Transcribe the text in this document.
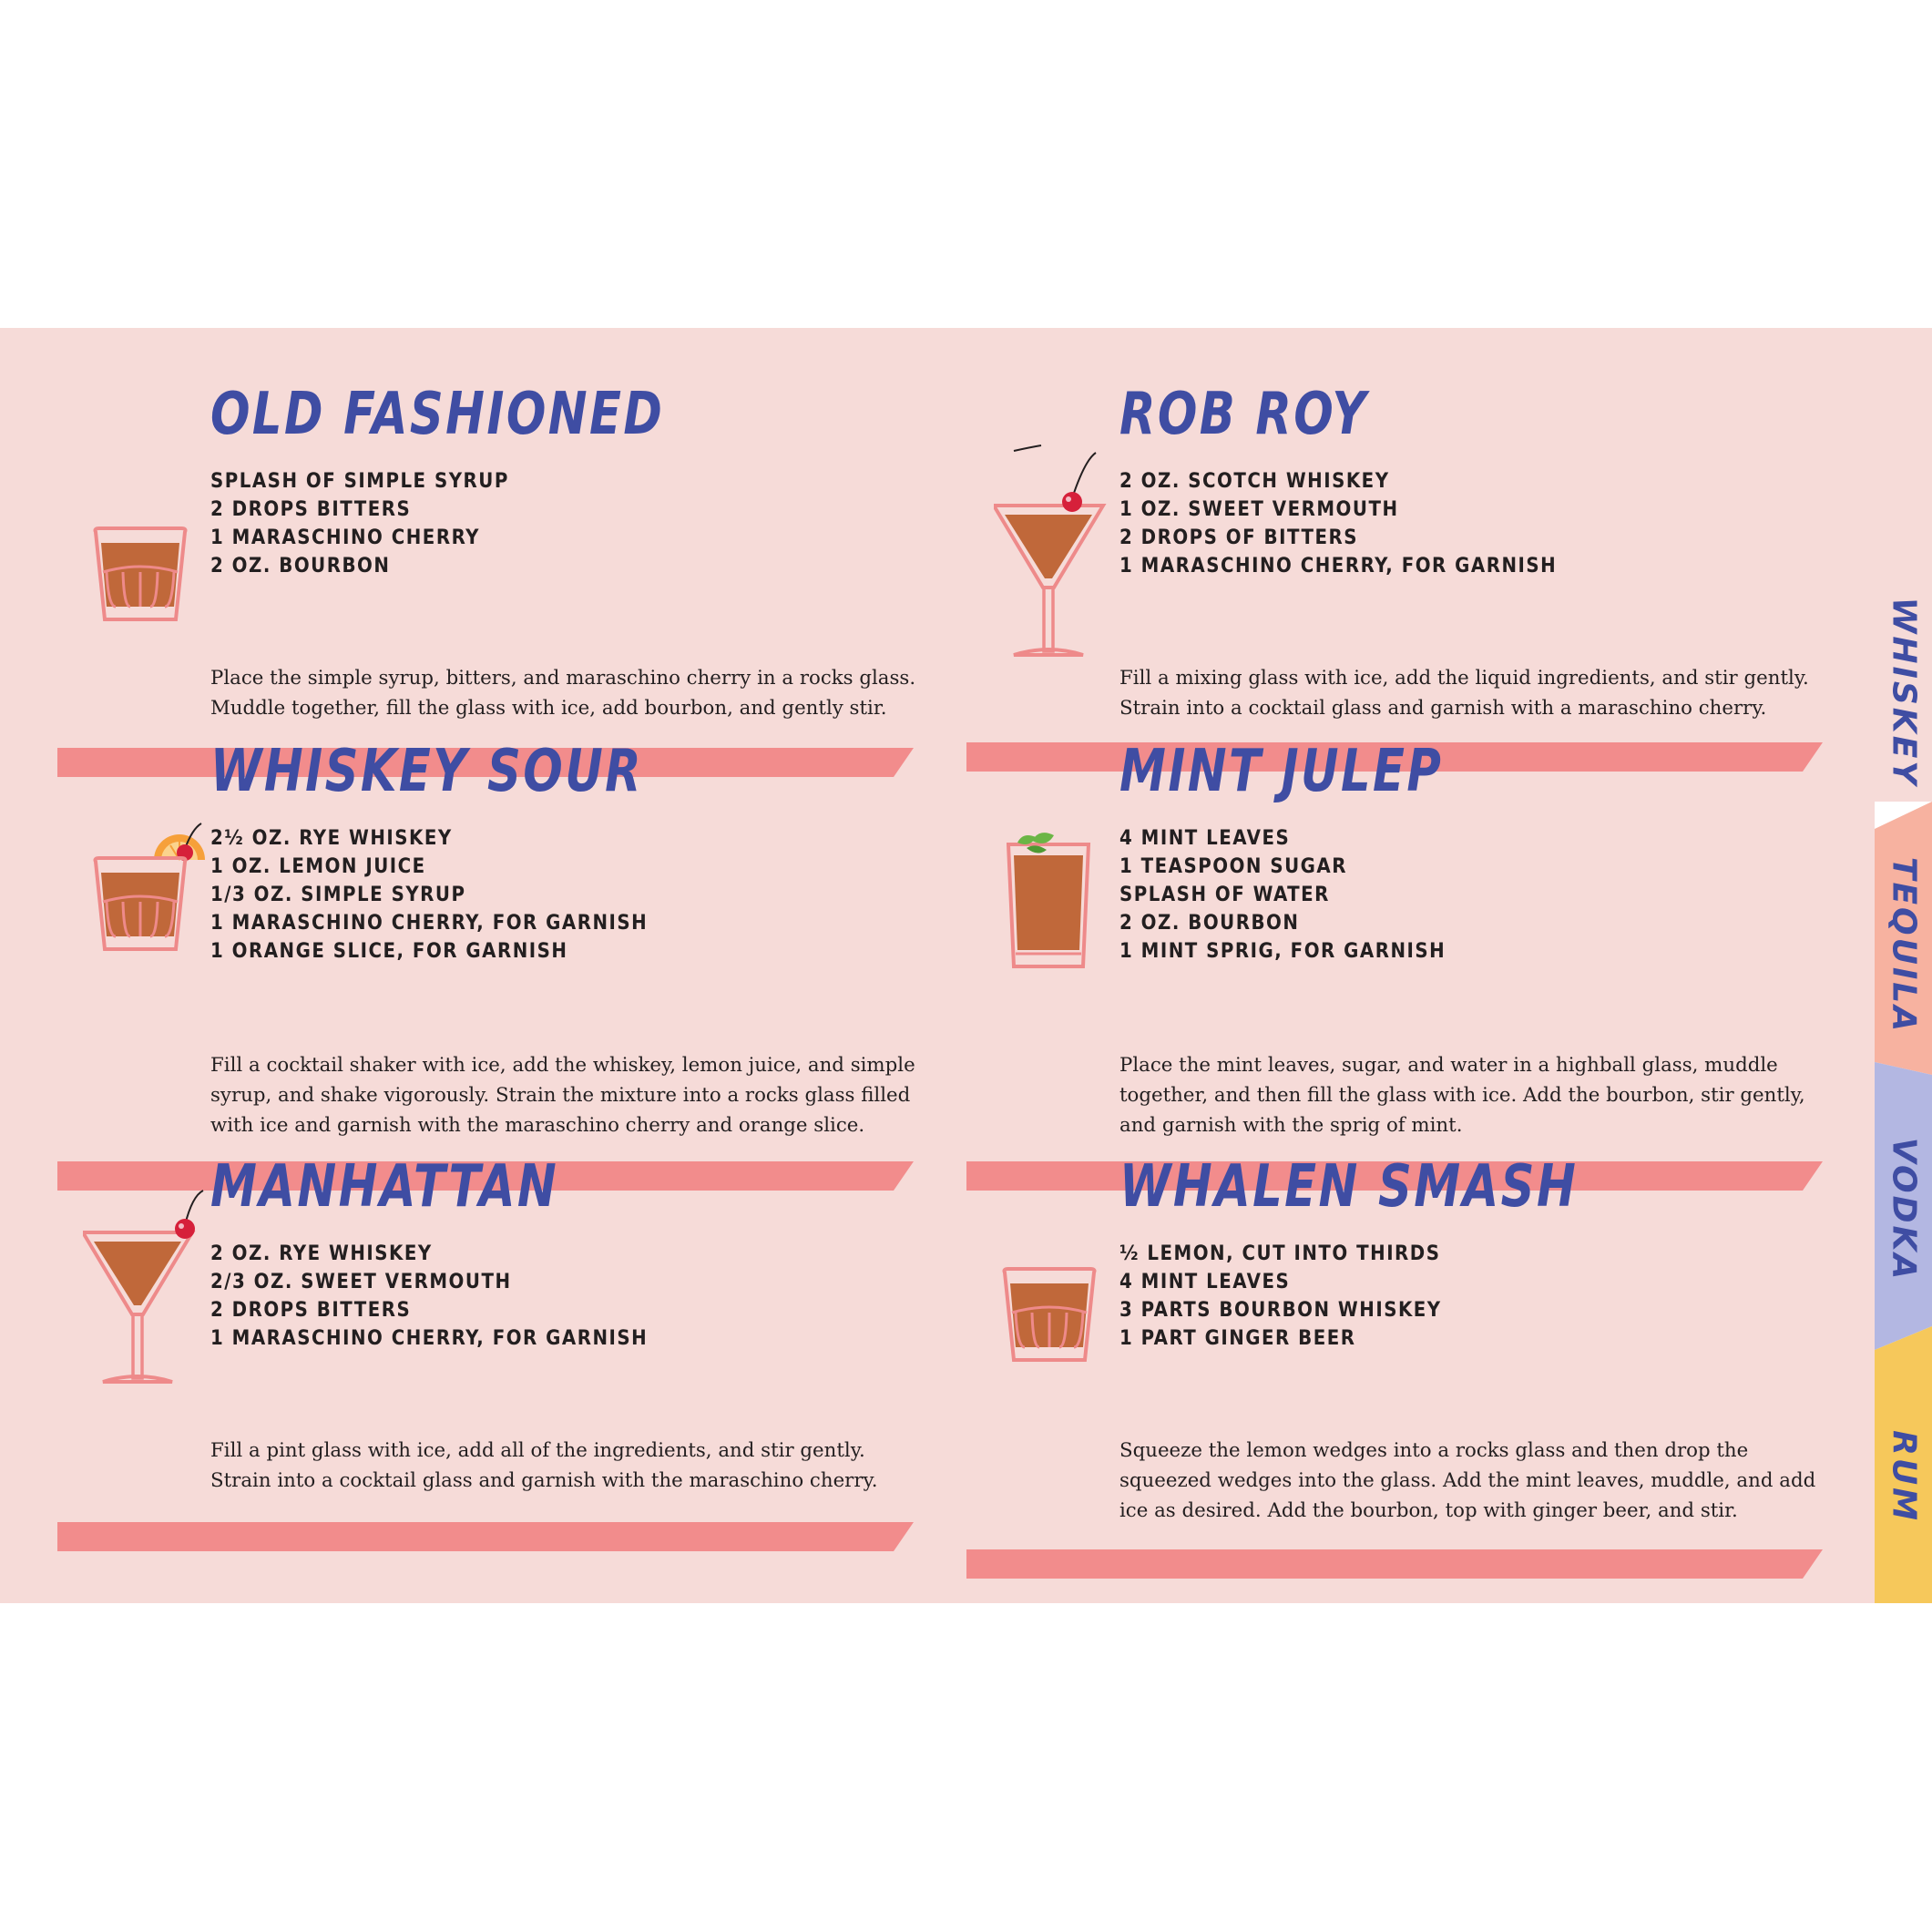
OLD FASHIONED
SPLASH OF SIMPLE SYRUP
2 DROPS BITTERS
1 MARASCHINO CHERRY
2 OZ. BOURBON
Place the simple syrup, bitters, and maraschino cherry in a rocks glass.
Muddle together, fill the glass with ice, add bourbon, and gently stir.
ROB ROY
2 OZ. SCOTCH WHISKEY
1 OZ. SWEET VERMOUTH
2 DROPS OF BITTERS
1 MARASCHINO CHERRY, FOR GARNISH
Fill a mixing glass with ice, add the liquid ingredients, and stir gently.
Strain into a cocktail glass and garnish with a maraschino cherry.
WHISKEY SOUR
2½ OZ. RYE WHISKEY
1 OZ. LEMON JUICE
1/3 OZ. SIMPLE SYRUP
1 MARASCHINO CHERRY, FOR GARNISH
1 ORANGE SLICE, FOR GARNISH
Fill a cocktail shaker with ice, add the whiskey, lemon juice, and simple
syrup, and shake vigorously. Strain the mixture into a rocks glass filled
with ice and garnish with the maraschino cherry and orange slice.
MINT JULEP
4 MINT LEAVES
1 TEASPOON SUGAR
SPLASH OF WATER
2 OZ. BOURBON
1 MINT SPRIG, FOR GARNISH
Place the mint leaves, sugar, and water in a highball glass, muddle
together, and then fill the glass with ice. Add the bourbon, stir gently,
and garnish with the sprig of mint.
MANHATTAN
2 OZ. RYE WHISKEY
2/3 OZ. SWEET VERMOUTH
2 DROPS BITTERS
1 MARASCHINO CHERRY, FOR GARNISH
Fill a pint glass with ice, add all of the ingredients, and stir gently.
Strain into a cocktail glass and garnish with the maraschino cherry.
WHALEN SMASH
½ LEMON, CUT INTO THIRDS
4 MINT LEAVES
3 PARTS BOURBON WHISKEY
1 PART GINGER BEER
Squeeze the lemon wedges into a rocks glass and then drop the
squeezed wedges into the glass. Add the mint leaves, muddle, and add
ice as desired. Add the bourbon, top with ginger beer, and stir.
WHISKEY
TEQUILA
VODKA
RUM
